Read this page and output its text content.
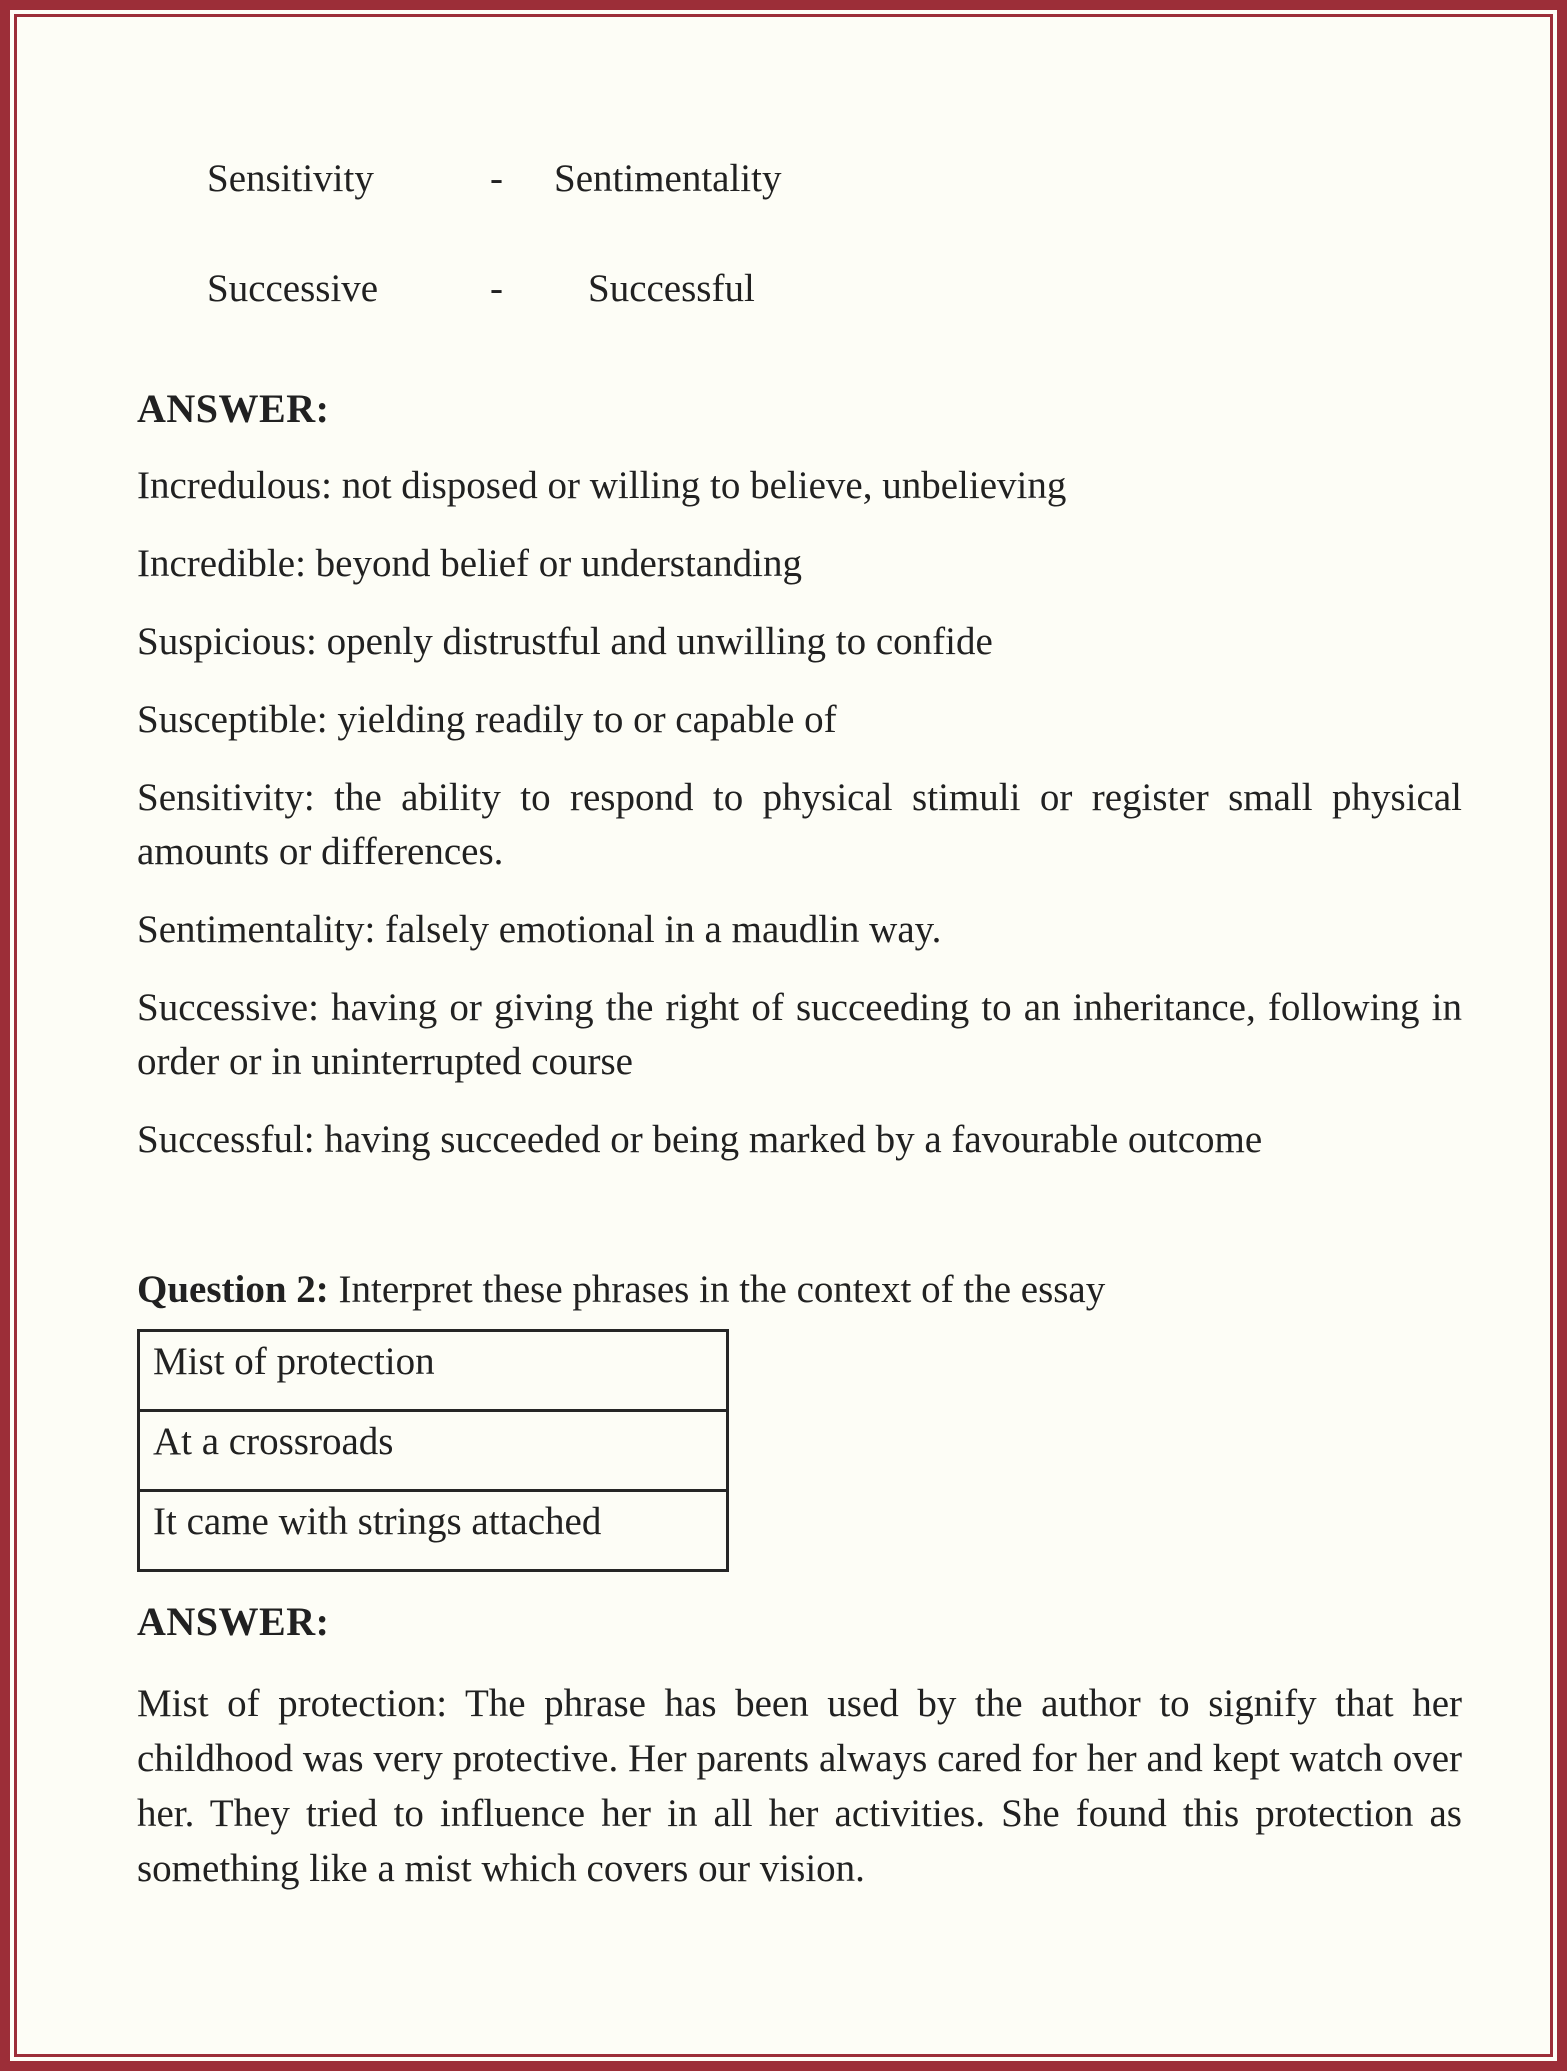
Sensitivity	-	Sentimentality
Successive	-	Successful
ANSWER:

Incredulous: not disposed or willing to believe, unbelieving

Incredible: beyond belief or understanding

Suspicious: openly distrustful and unwilling to confide

Susceptible: yielding readily to or capable of

Sensitivity: the ability to respond to physical stimuli or register small physical amounts or differences.

Sentimentality: falsely emotional in a maudlin way.

Successive: having or giving the right of succeeding to an inheritance, following in order or in uninterrupted course

Successful: having succeeded or being marked by a favourable outcome

Question 2: Interpret these phrases in the context of the essay

Mist of protection
At a crossroads
It came with strings attached
ANSWER:

Mist of protection: The phrase has been used by the author to signify that her childhood was very protective. Her parents always cared for her and kept watch over her. They tried to influence her in all her activities. She found this protection as something like a mist which covers our vision.
